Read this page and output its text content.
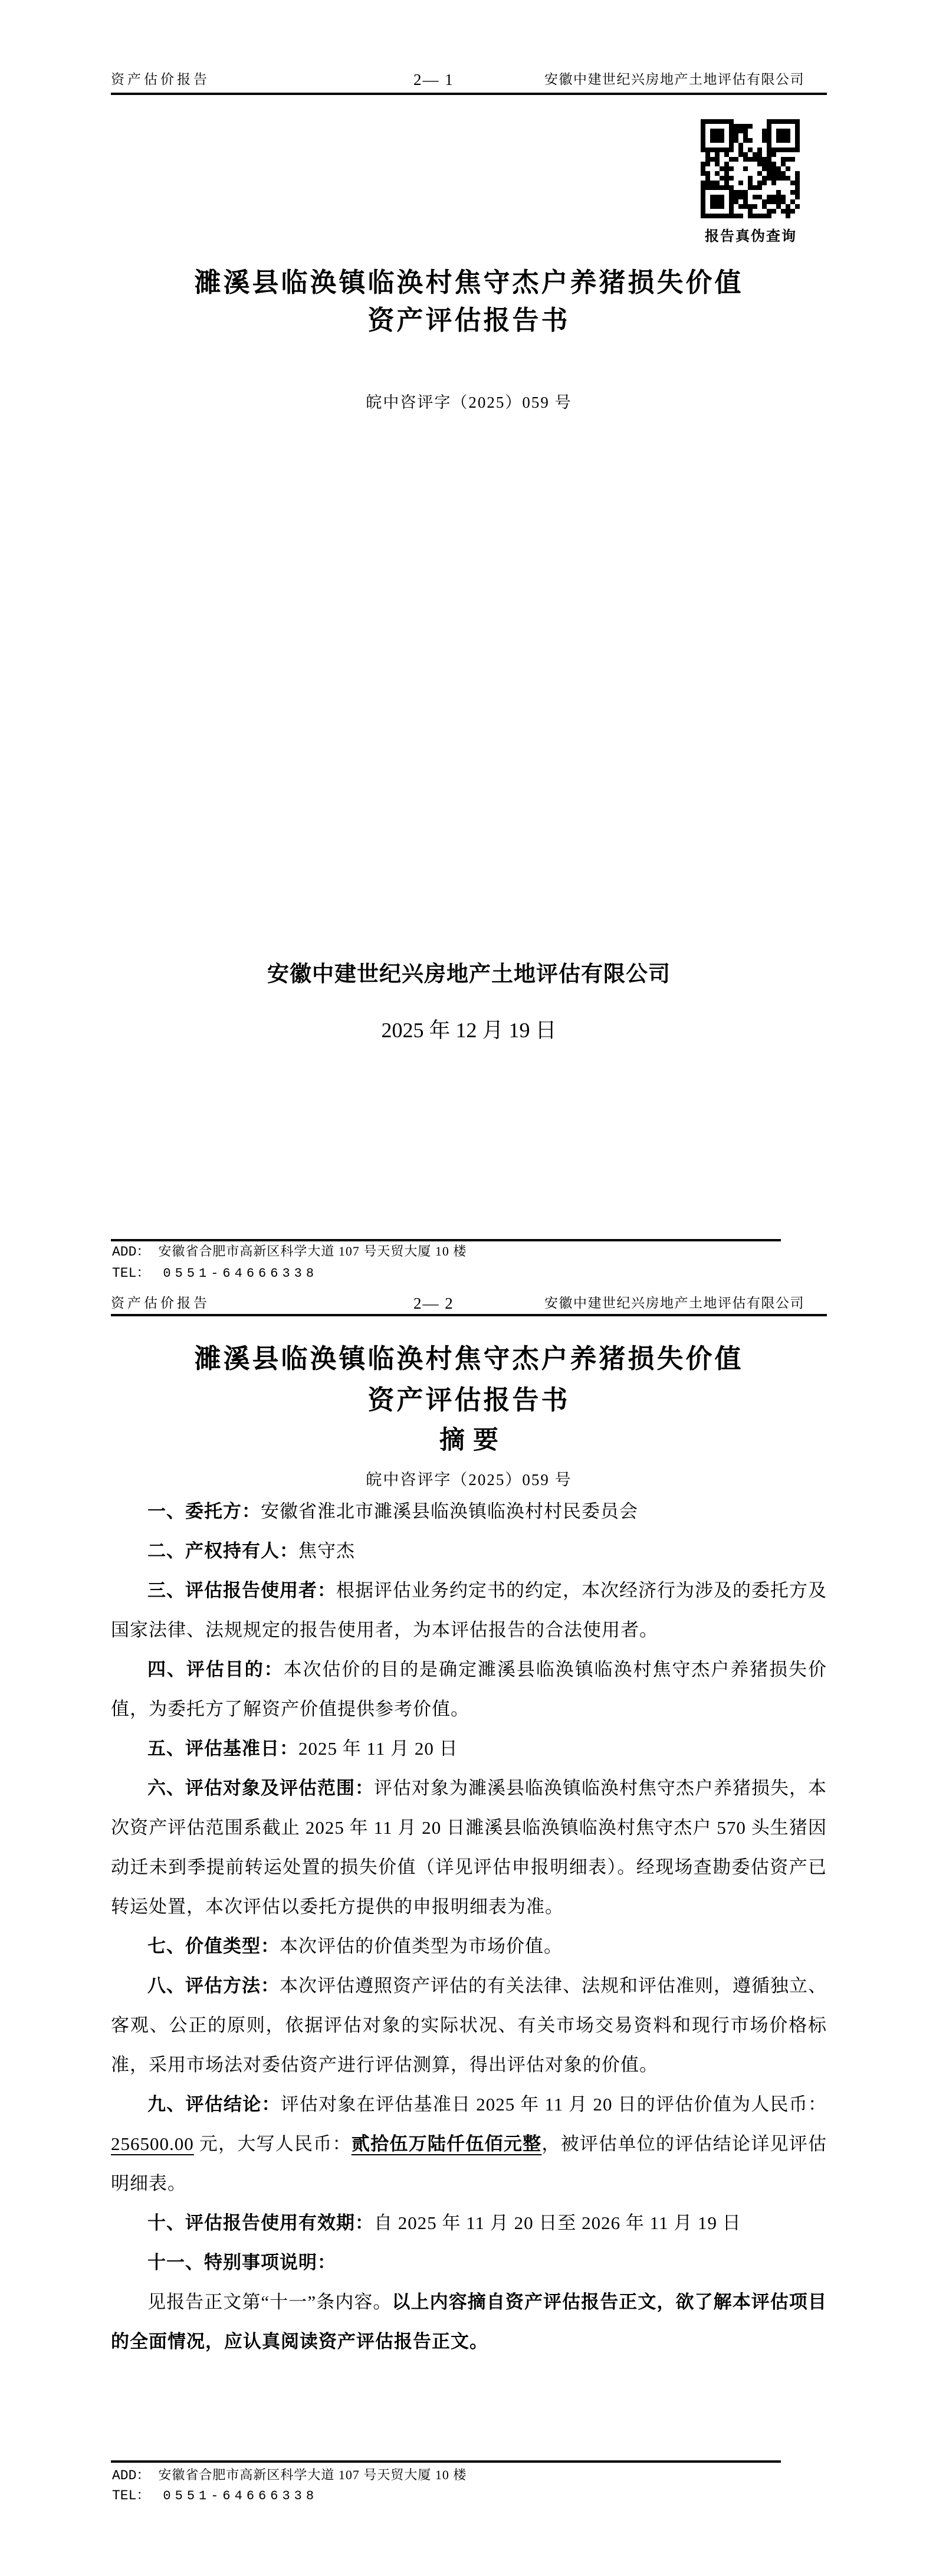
资产估价报告	2— 1	安徽中建世纪兴房地产土地评估有限公司
报告真伪查询
濉溪县临涣镇临涣村焦守杰户养猪损失价值
资产评估报告书
皖中咨评字（2025）059 号
安徽中建世纪兴房地产土地评估有限公司
2025 年 12 月 19 日
ADD： 安徽省合肥市高新区科学大道 107 号天贸大厦 10 楼
TEL： 0551-64666338
资产估价报告	2— 2	安徽中建世纪兴房地产土地评估有限公司
濉溪县临涣镇临涣村焦守杰户养猪损失价值
资产评估报告书
摘要
皖中咨评字（2025）059 号

一、委托方：安徽省淮北市濉溪县临涣镇临涣村村民委员会

二、产权持有人：焦守杰

三、评估报告使用者：根据评估业务约定书的约定，本次经济行为涉及的委托方及国家法律、法规规定的报告使用者，为本评估报告的合法使用者。

四、评估目的：本次估价的目的是确定濉溪县临涣镇临涣村焦守杰户养猪损失价值，为委托方了解资产价值提供参考价值。

五、评估基准日：2025 年 11 月 20 日

六、评估对象及评估范围：评估对象为濉溪县临涣镇临涣村焦守杰户养猪损失，本次资产评估范围系截止 2025 年 11 月 20 日濉溪县临涣镇临涣村焦守杰户 570 头生猪因动迁未到季提前转运处置的损失价值（详见评估申报明细表）。经现场查勘委估资产已转运处置，本次评估以委托方提供的申报明细表为准。

七、价值类型：本次评估的价值类型为市场价值。

八、评估方法：本次评估遵照资产评估的有关法律、法规和评估准则，遵循独立、客观、公正的原则，依据评估对象的实际状况、有关市场交易资料和现行市场价格标准，采用市场法对委估资产进行评估测算，得出评估对象的价值。

九、评估结论：评估对象在评估基准日 2025 年 11 月 20 日的评估价值为人民币：256500.00 元，大写人民币：贰拾伍万陆仟伍佰元整，被评估单位的评估结论详见评估明细表。

十、评估报告使用有效期：自 2025 年 11 月 20 日至 2026 年 11 月 19 日

十一、特别事项说明：

见报告正文第“十一”条内容。以上内容摘自资产评估报告正文，欲了解本评估项目的全面情况，应认真阅读资产评估报告正文。

ADD： 安徽省合肥市高新区科学大道 107 号天贸大厦 10 楼
TEL： 0551-64666338
